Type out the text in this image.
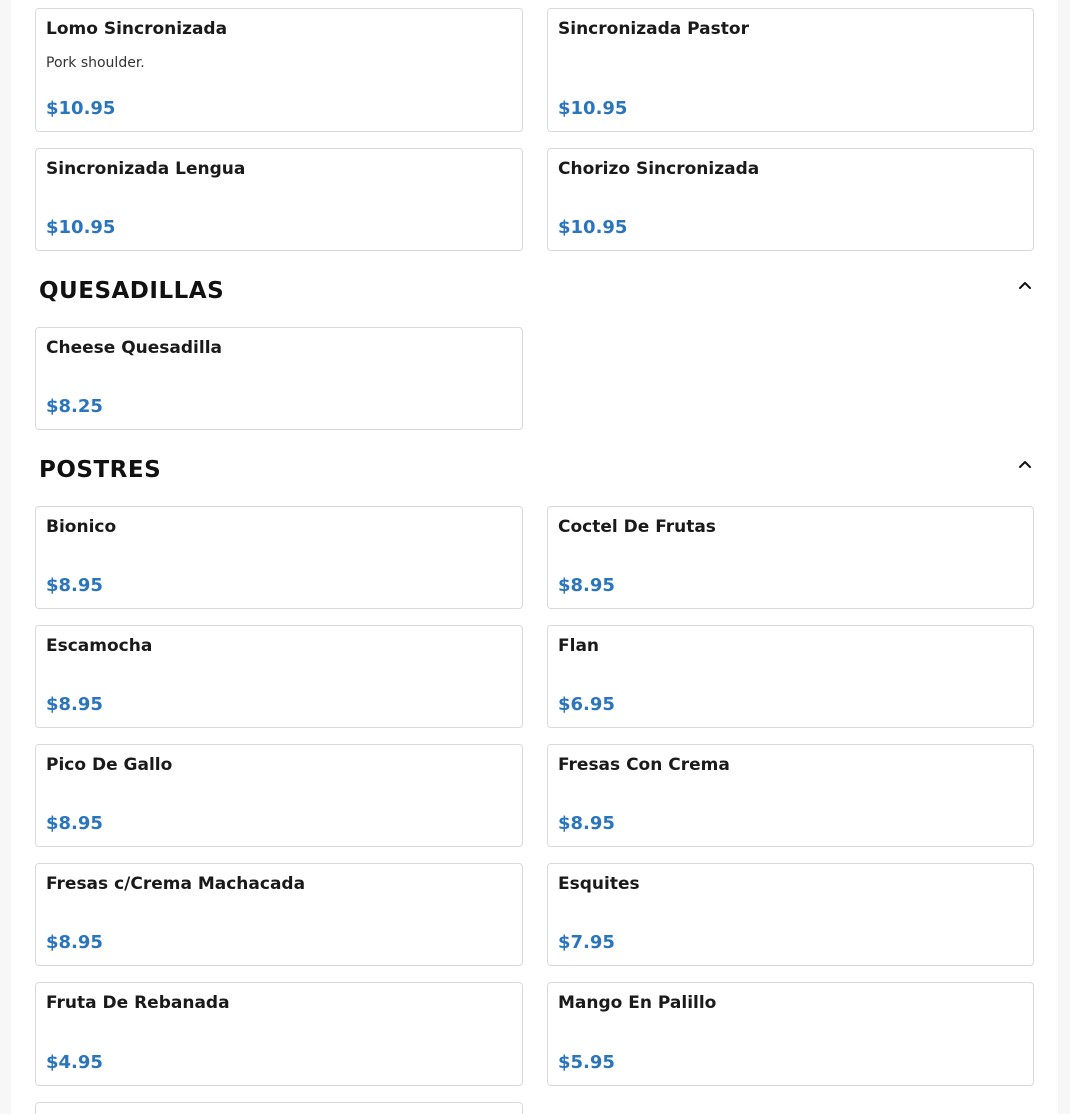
Lomo Sincronizada
Pork shoulder.
$10.95
Sincronizada Pastor
$10.95
Sincronizada Lengua
$10.95
Chorizo Sincronizada
$10.95
QUESADILLAS
Cheese Quesadilla
$8.25
POSTRES
Bionico
$8.95
Coctel De Frutas
$8.95
Escamocha
$8.95
Flan
$6.95
Pico De Gallo
$8.95
Fresas Con Crema
$8.95
Fresas c/Crema Machacada
$8.95
Esquites
$7.95
Fruta De Rebanada
$4.95
Mango En Palillo
$5.95
